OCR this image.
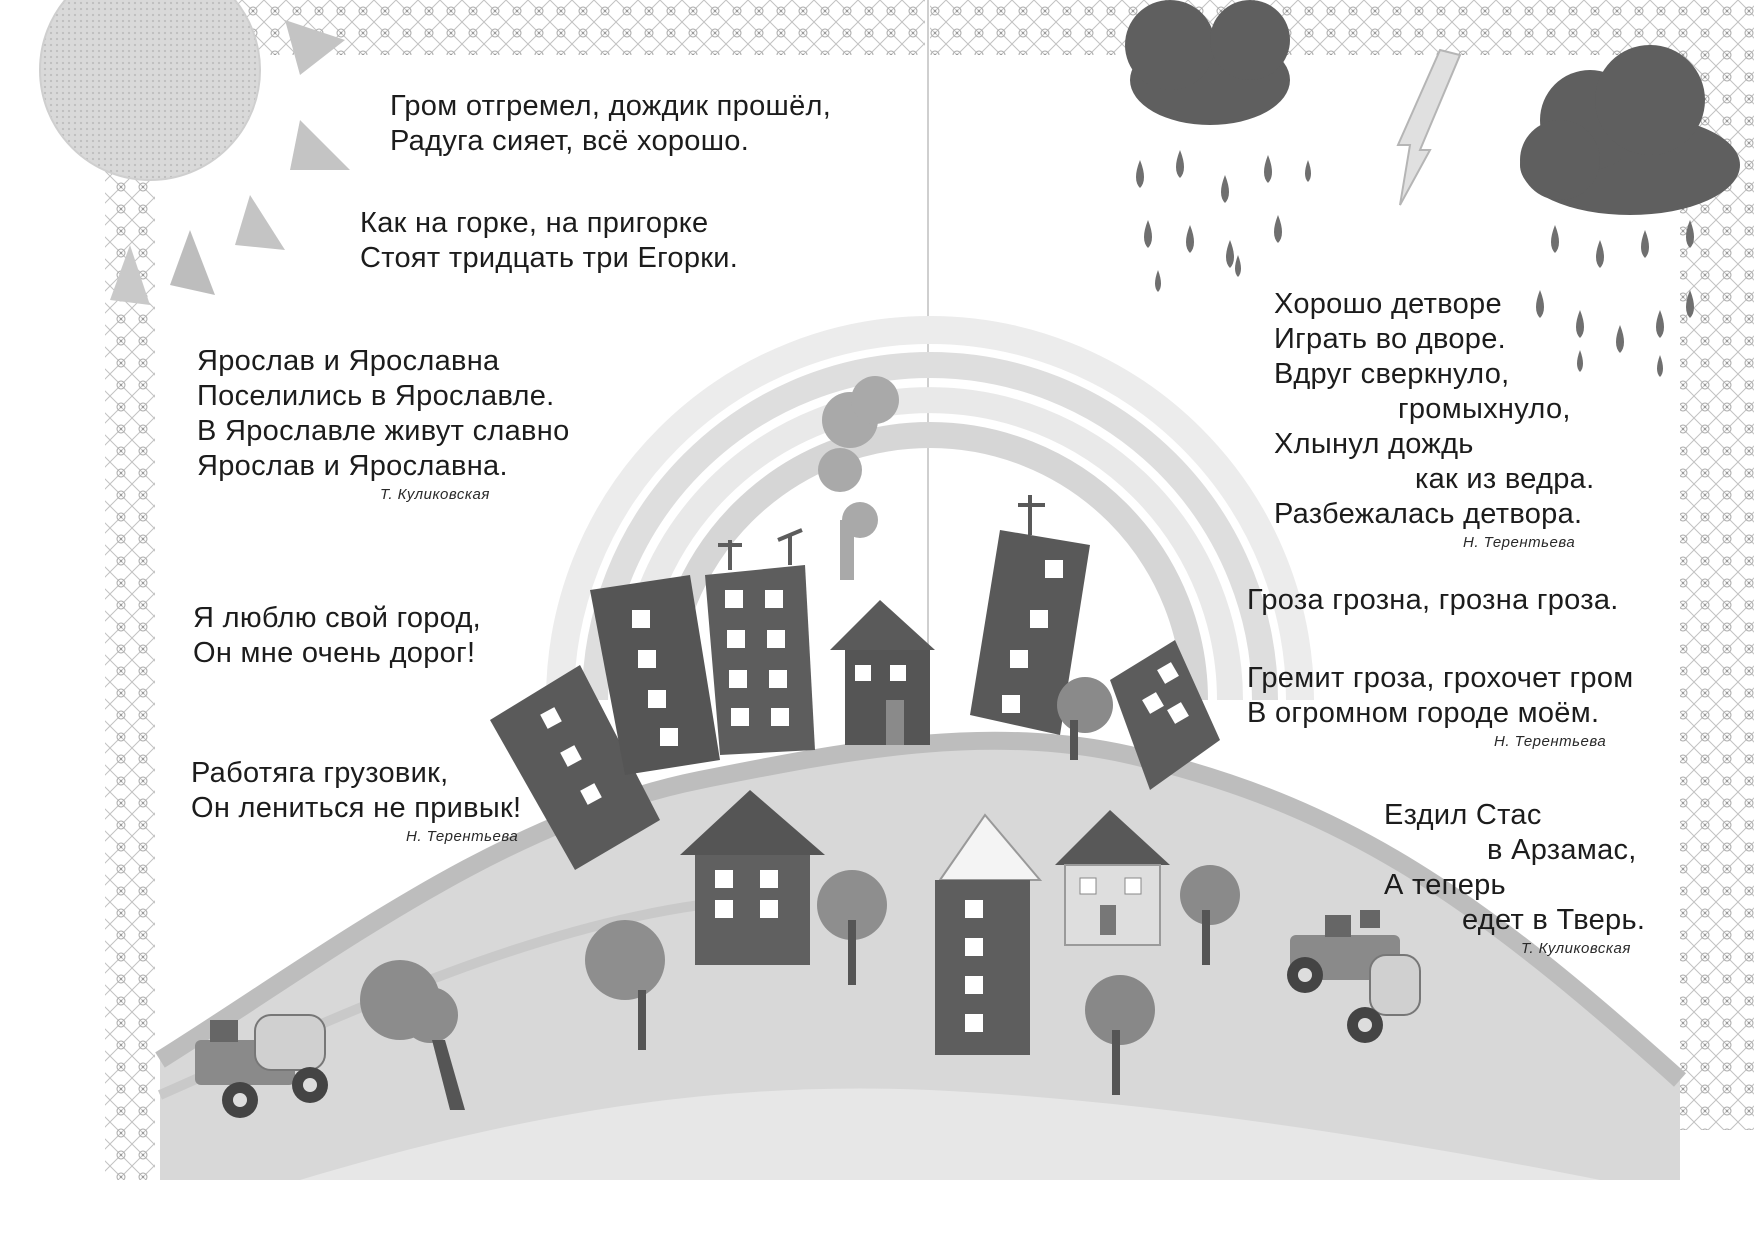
Гром отгремел, дождик прошёл,
Радуга сияет, всё хорошо.
Как на горке, на пригорке
Стоят тридцать три Егорки.
Ярослав и Ярославна
Поселились в Ярославле.
В Ярославле живут славно
Ярослав и Ярославна.
Т. Куликовская
Я люблю свой город,
Он мне очень дорог!
Работяга грузовик,
Он лениться не привык!
Н. Терентьева
Хорошо детворе
Играть во дворе.
Вдруг сверкнуло,
громыхнуло,
Хлынул дождь
как из ведра.
Разбежалась детвора.
Н. Терентьева
Гроза грозна, грозна гроза.
Гремит гроза, грохочет гром
В огромном городе моём.
Н. Терентьева
Ездил Стас
в Арзамас,
А теперь
едет в Тверь.
Т. Куликовская
